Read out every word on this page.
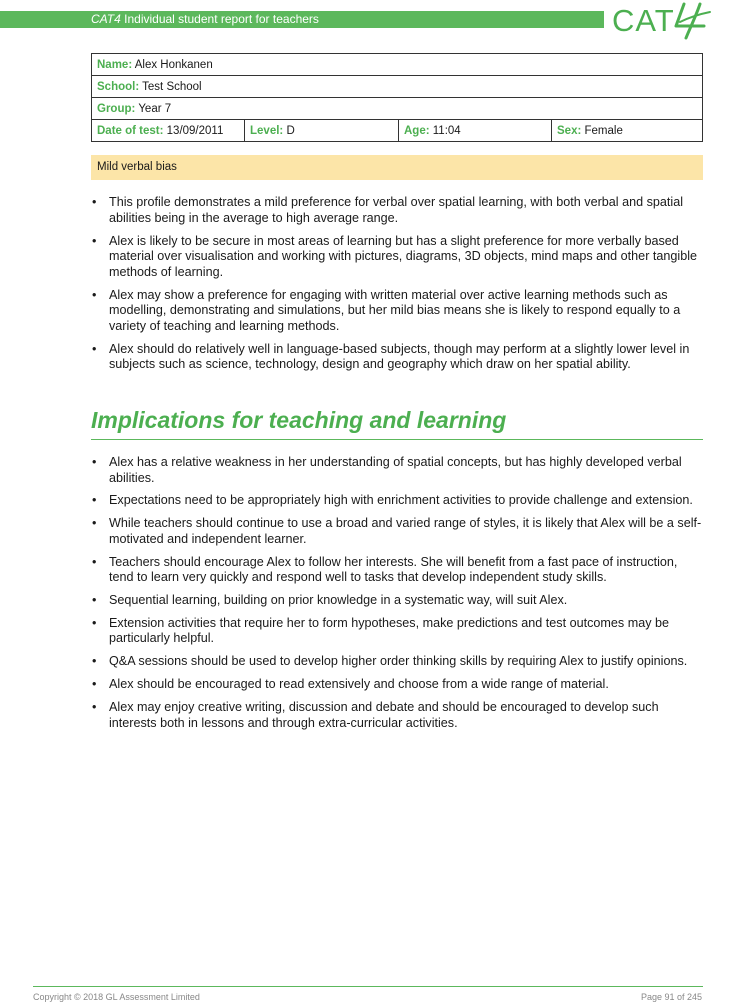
CAT4 Individual student report for teachers	CAT
Name: Alex Honkanen
School: Test School
Group: Year 7
Date of test: 13/09/2011	Level: D	Age: 11:04	Sex: Female
Mild verbal bias
• This profile demonstrates a mild preference for verbal over spatial learning, with both verbal and spatial abilities being in the average to high average range.
• Alex is likely to be secure in most areas of learning but has a slight preference for more verbally based material over visualisation and working with pictures, diagrams, 3D objects, mind maps and other tangible methods of learning.
• Alex may show a preference for engaging with written material over active learning methods such as modelling, demonstrating and simulations, but her mild bias means she is likely to respond equally to a variety of teaching and learning methods.
• Alex should do relatively well in language-based subjects, though may perform at a slightly lower level in subjects such as science, technology, design and geography which draw on her spatial ability.
Implications for teaching and learning
• Alex has a relative weakness in her understanding of spatial concepts, but has highly developed verbal abilities.
• Expectations need to be appropriately high with enrichment activities to provide challenge and extension.
• While teachers should continue to use a broad and varied range of styles, it is likely that Alex will be a self-motivated and independent learner.
• Teachers should encourage Alex to follow her interests. She will benefit from a fast pace of instruction, tend to learn very quickly and respond well to tasks that develop independent study skills.
• Sequential learning, building on prior knowledge in a systematic way, will suit Alex.
• Extension activities that require her to form hypotheses, make predictions and test outcomes may be particularly helpful.
• Q&A sessions should be used to develop higher order thinking skills by requiring Alex to justify opinions.
• Alex should be encouraged to read extensively and choose from a wide range of material.
• Alex may enjoy creative writing, discussion and debate and should be encouraged to develop such interests both in lessons and through extra-curricular activities.
Copyright © 2018 GL Assessment Limited	Page 91 of 245
